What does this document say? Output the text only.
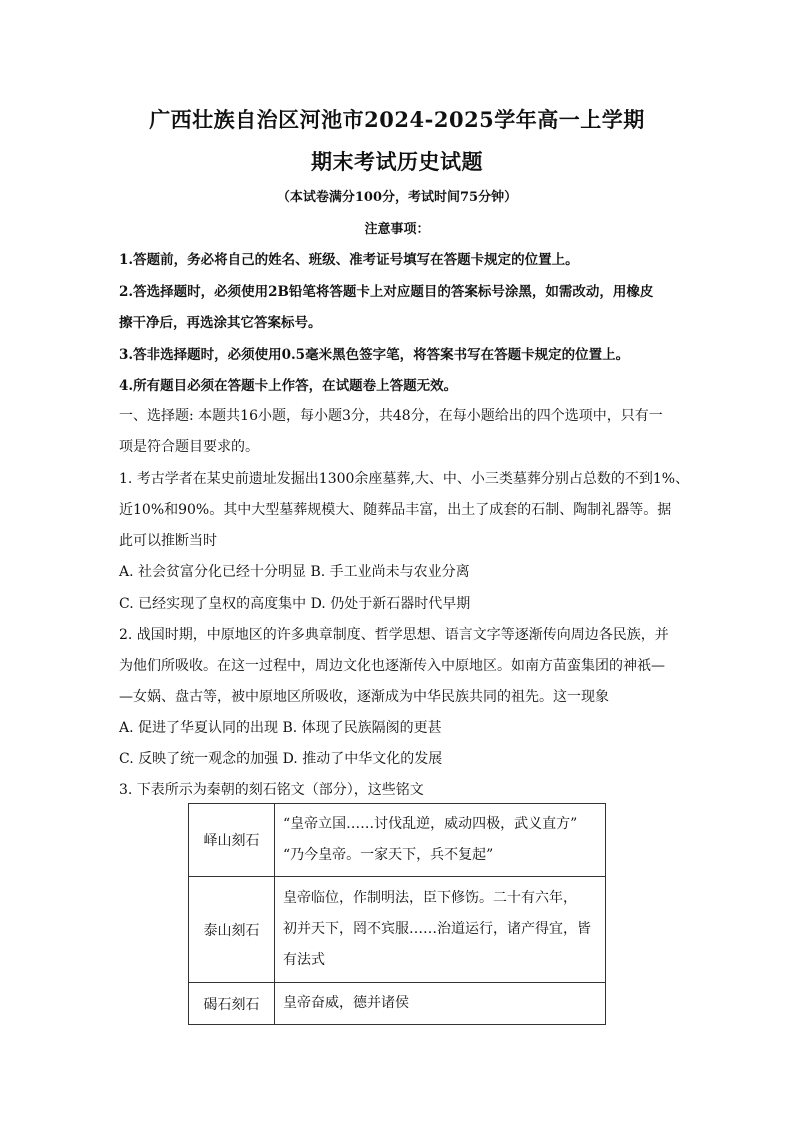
广西壮族自治区河池市2024-2025学年高一上学期
期末考试历史试题
（本试卷满分100分，考试时间75分钟）
注意事项：
1.答题前，务必将自己的姓名、班级、准考证号填写在答题卡规定的位置上。
2.答选择题时，必须使用2B铅笔将答题卡上对应题目的答案标号涂黑，如需改动，用橡皮
擦干净后，再选涂其它答案标号。
3.答非选择题时，必须使用0.5毫米黑色签字笔，将答案书写在答题卡规定的位置上。
4.所有题目必须在答题卡上作答，在试题卷上答题无效。
一、选择题: 本题共16小题，每小题3分，共48分，在每小题给出的四个选项中，只有一
项是符合题目要求的。
1. 考古学者在某史前遗址发掘出1300余座墓葬,大、中、小三类墓葬分别占总数的不到1%、
近10%和90%。其中大型墓葬规模大、随葬品丰富，出土了成套的石制、陶制礼器等。据
此可以推断当时
A. 社会贫富分化已经十分明显 B. 手工业尚未与农业分离
C. 已经实现了皇权的高度集中 D. 仍处于新石器时代早期
2. 战国时期，中原地区的许多典章制度、哲学思想、语言文字等逐渐传向周边各民族，并
为他们所吸收。在这一过程中，周边文化也逐渐传入中原地区。如南方苗蛮集团的神祇—
—女娲、盘古等，被中原地区所吸收，逐渐成为中华民族共同的祖先。这一现象
A. 促进了华夏认同的出现 B. 体现了民族隔阂的更甚
C. 反映了统一观念的加强 D. 推动了中华文化的发展
3. 下表所示为秦朝的刻石铭文（部分），这些铭文
峄山刻石	“皇帝立国……讨伐乱逆，威动四极，武义直方”
“乃今皇帝。一家天下，兵不复起”

泰山刻石	皇帝临位，作制明法，臣下修饬。二十有六年，
初并天下，罔不宾服……治道运行，诸产得宜，皆
有法式

碣石刻石	皇帝奋威，德并诸侯
